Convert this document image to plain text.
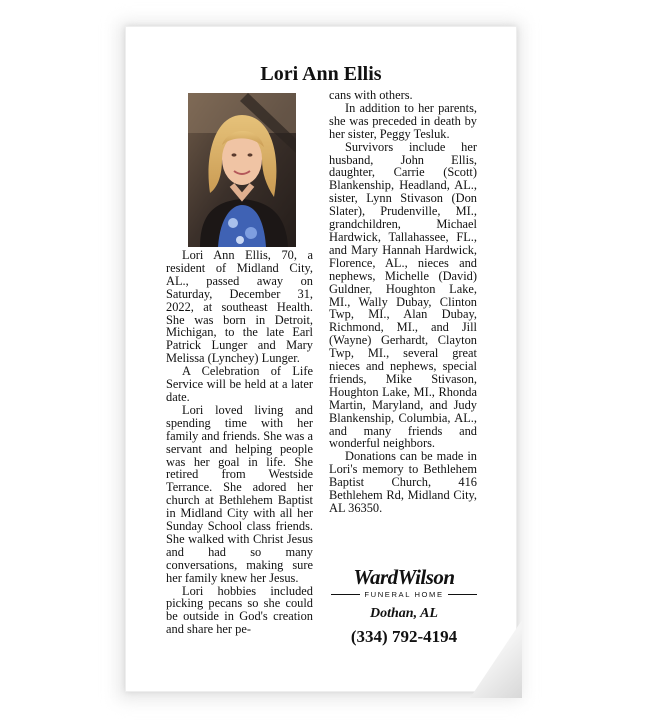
Lori Ann Ellis

Lori Ann Ellis, 70, a resident of Midland City, AL., passed away on Saturday, December 31, 2022, at southeast Health. She was born in Detroit, Michigan, to the late Earl Patrick Lunger and Mary Melissa (Lynchey) Lunger.

A Celebration of Life Service will be held at a later date.

Lori loved living and spending time with her family and friends. She was a servant and helping people was her goal in life. She retired from Westside Terrance. She adored her church at Bethlehem Baptist in Midland City with all her Sunday School class friends. She walked with Christ Jesus and had so many conversations, making sure her family knew her Jesus.

Lori hobbies included picking pecans so she could be outside in God's creation and share her pe-

cans with others.

In addition to her parents, she was preceded in death by her sister, Peggy Tesluk.

Survivors include her husband, John Ellis, daughter, Carrie (Scott) Blankenship, Headland, AL., sister, Lynn Stivason (Don Slater), Prudenville, MI., grandchildren, Michael Hardwick, Tallahassee, FL., and Mary Hannah Hardwick, Florence, AL., nieces and nephews, Michelle (David) Guldner, Houghton Lake, MI., Wally Dubay, Clinton Twp, MI., Alan Dubay, Richmond, MI., and Jill (Wayne) Gerhardt, Clayton Twp, MI., several great nieces and nephews, special friends, Mike Stivason, Houghton Lake, MI., Rhonda Martin, Maryland, and Judy Blankenship, Columbia, AL., and many friends and wonderful neighbors.

Donations can be made in Lori's memory to Bethlehem Baptist Church, 416 Bethlehem Rd, Midland City, AL 36350.

WardWilson
FUNERAL HOME
Dothan, AL
(334) 792-4194
